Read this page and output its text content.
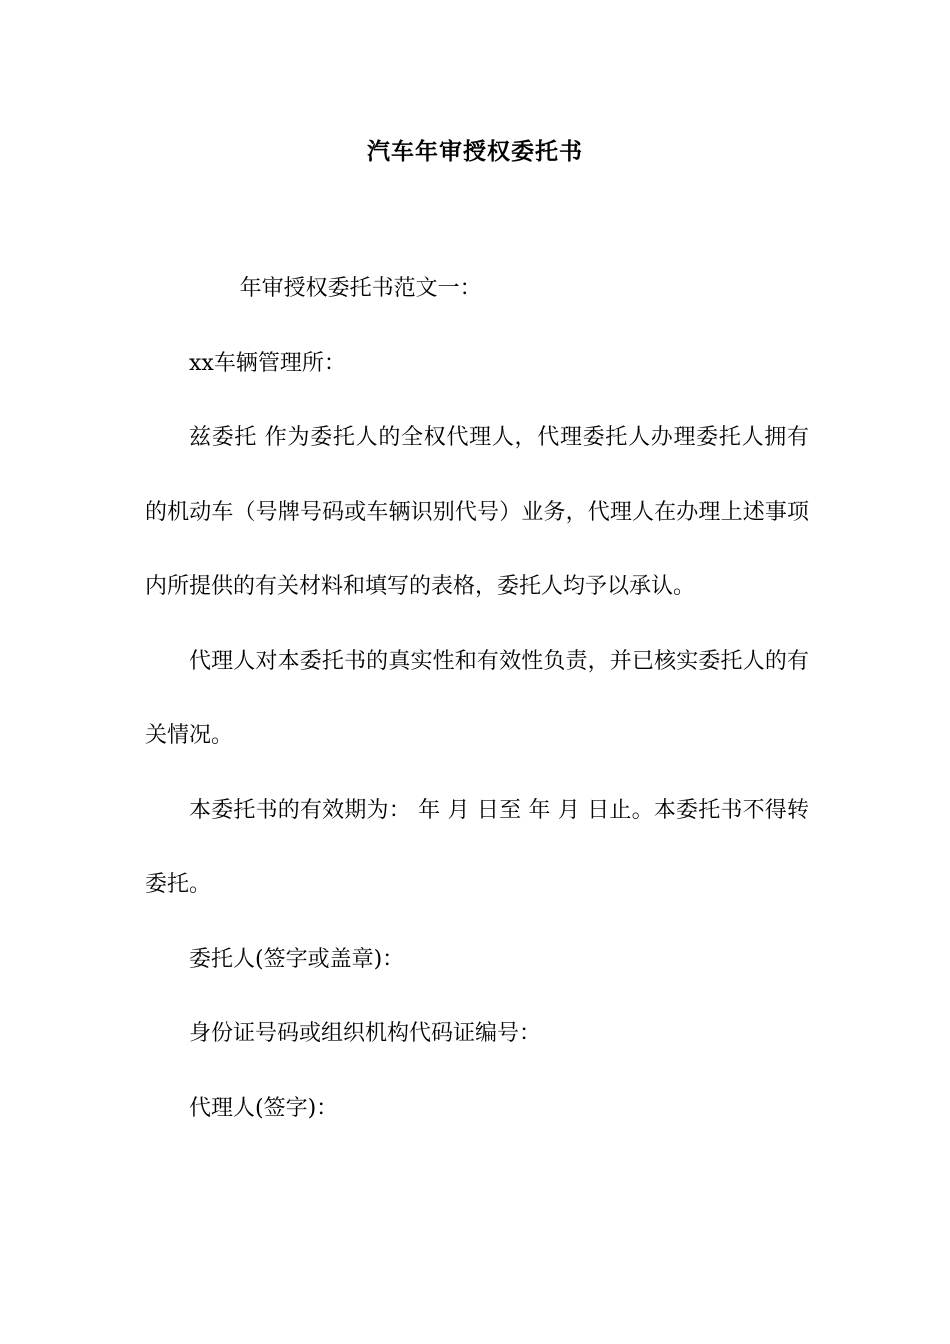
汽车年审授权委托书

年审授权委托书范文一：

xx车辆管理所：

兹委托 作为委托人的全权代理人，代理委托人办理委托人拥有的机动车（号牌号码或车辆识别代号）业务，代理人在办理上述事项内所提供的有关材料和填写的表格，委托人均予以承认。

代理人对本委托书的真实性和有效性负责，并已核实委托人的有关情况。

本委托书的有效期为： 年 月 日至 年 月 日止。本委托书不得转委托。

委托人(签字或盖章)：

身份证号码或组织机构代码证编号：

代理人(签字)：
